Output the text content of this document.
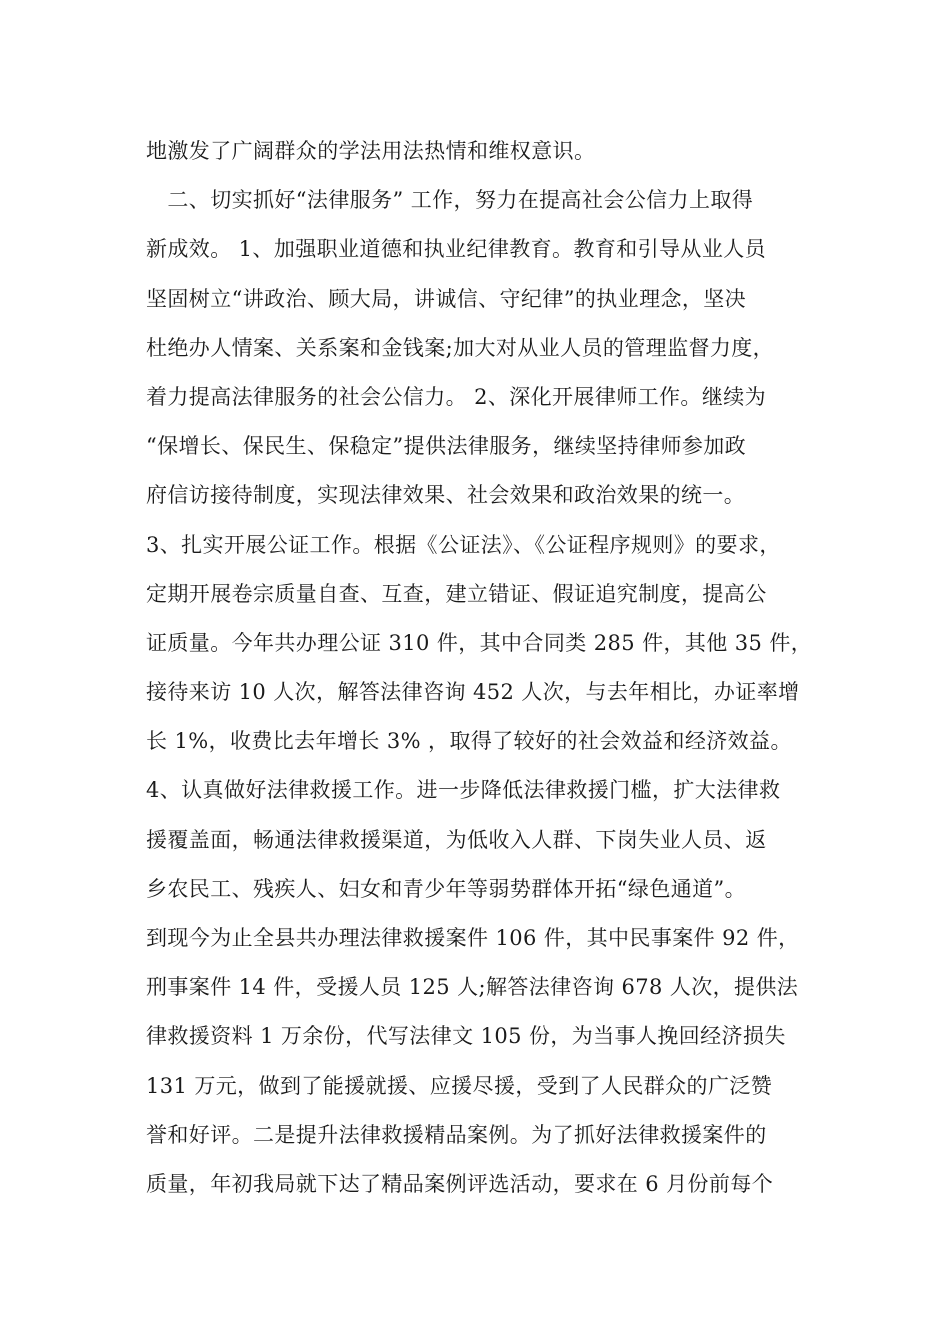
地激发了广阔群众的学法用法热情和维权意识。
　二、切实抓好“法律服务” 工作，努力在提高社会公信力上取得
新成效。 1、加强职业道德和执业纪律教育。教育和引导从业人员
坚固树立“讲政治、顾大局，讲诚信、守纪律”的执业理念，坚决
杜绝办人情案、关系案和金钱案;加大对从业人员的管理监督力度，
着力提高法律服务的社会公信力。 2、深化开展律师工作。继续为
“保增长、保民生、保稳定”提供法律服务，继续坚持律师参加政
府信访接待制度，实现法律效果、社会效果和政治效果的统一。
3、扎实开展公证工作。根据《公证法》、《公证程序规则》的要求，
定期开展卷宗质量自查、互查，建立错证、假证追究制度，提高公
证质量。今年共办理公证 310 件，其中合同类 285 件，其他 35 件，
接待来访 10 人次，解答法律咨询 452 人次，与去年相比，办证率增
长 1%，收费比去年增长 3% ，取得了较好的社会效益和经济效益。
4、认真做好法律救援工作。进一步降低法律救援门槛，扩大法律救
援覆盖面，畅通法律救援渠道，为低收入人群、下岗失业人员、返
乡农民工、残疾人、妇女和青少年等弱势群体开拓“绿色通道”。
到现今为止全县共办理法律救援案件 106 件，其中民事案件 92 件，
刑事案件 14 件，受援人员 125 人;解答法律咨询 678 人次，提供法
律救援资料 1 万余份，代写法律文 105 份，为当事人挽回经济损失
131 万元，做到了能援就援、应援尽援，受到了人民群众的广泛赞
誉和好评。二是提升法律救援精品案例。为了抓好法律救援案件的
质量，年初我局就下达了精品案例评选活动，要求在 6 月份前每个
